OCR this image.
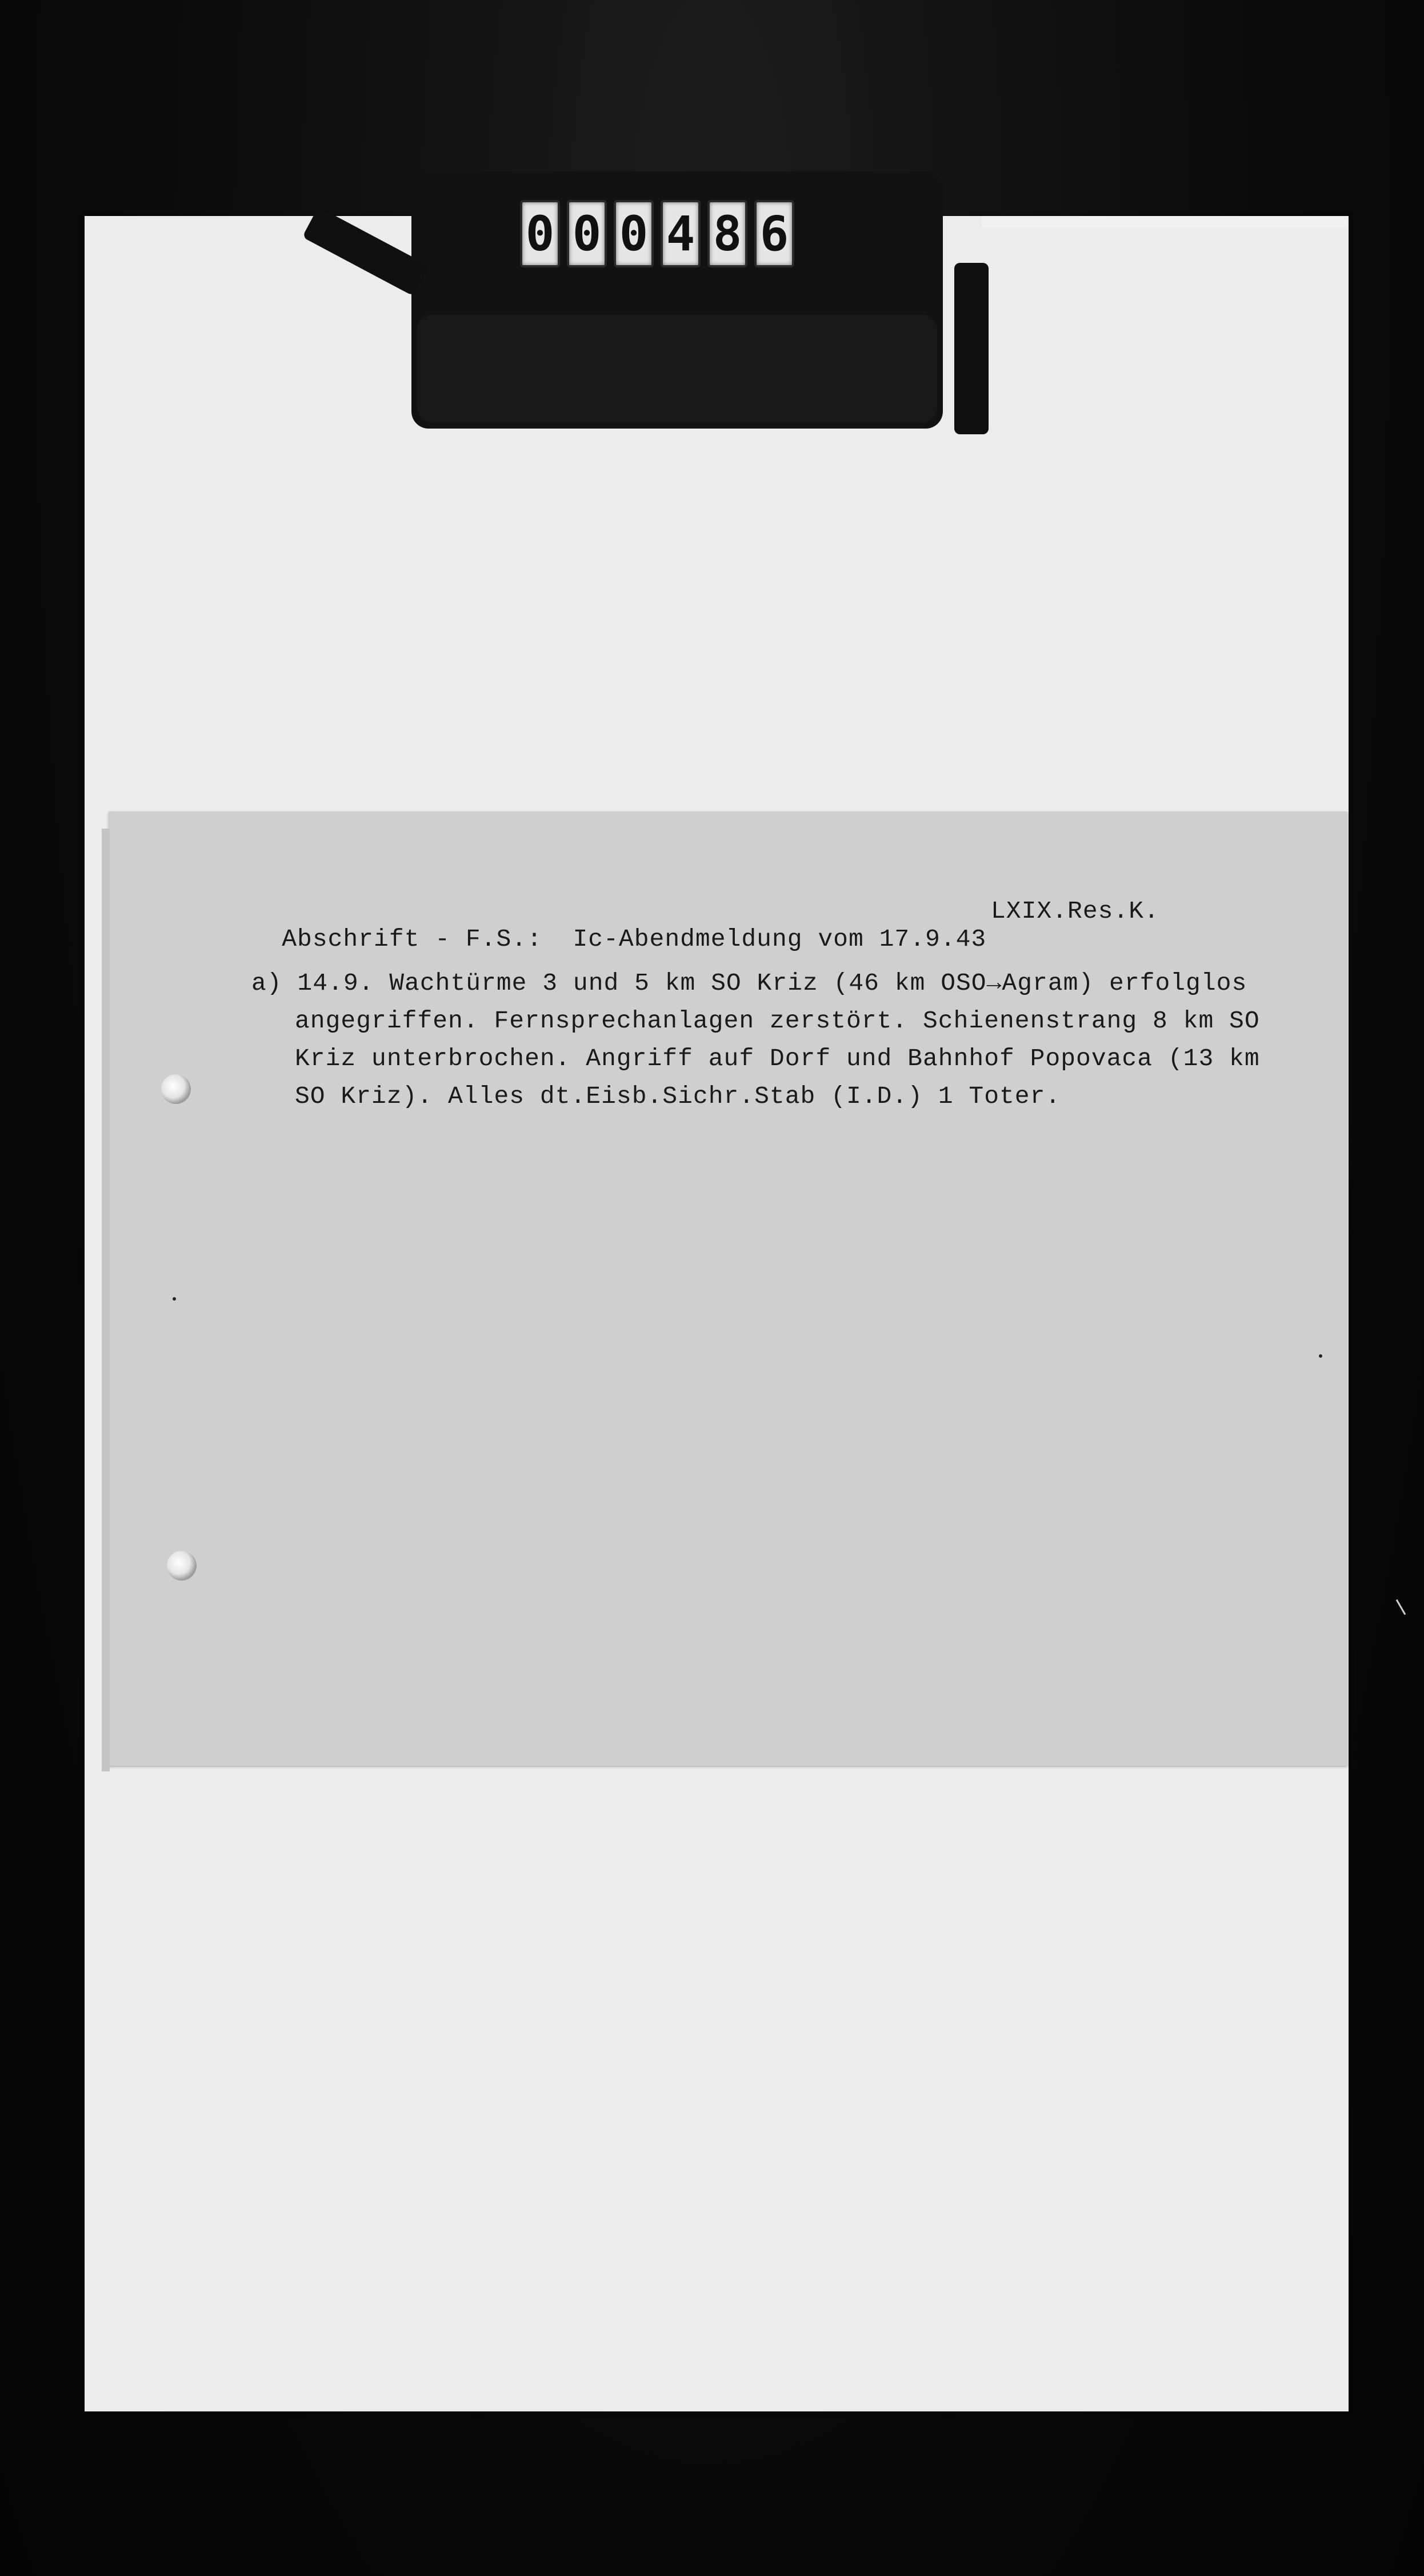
0 0 0 4 8 6

Abschrift - F.S.:  Ic-Abendmeldung vom 17.9.43

LXIX.Res.K.

a) 14.9. Wachtürme 3 und 5 km SO Kriz (46 km OSO→Agram) erfolglos
angegriffen. Fernsprechanlagen zerstört. Schienenstrang 8 km SO
Kriz unterbrochen. Angriff auf Dorf und Bahnhof Popovaca (13 km
SO Kriz). Alles dt.Eisb.Sichr.Stab (I.D.) 1 Toter.
